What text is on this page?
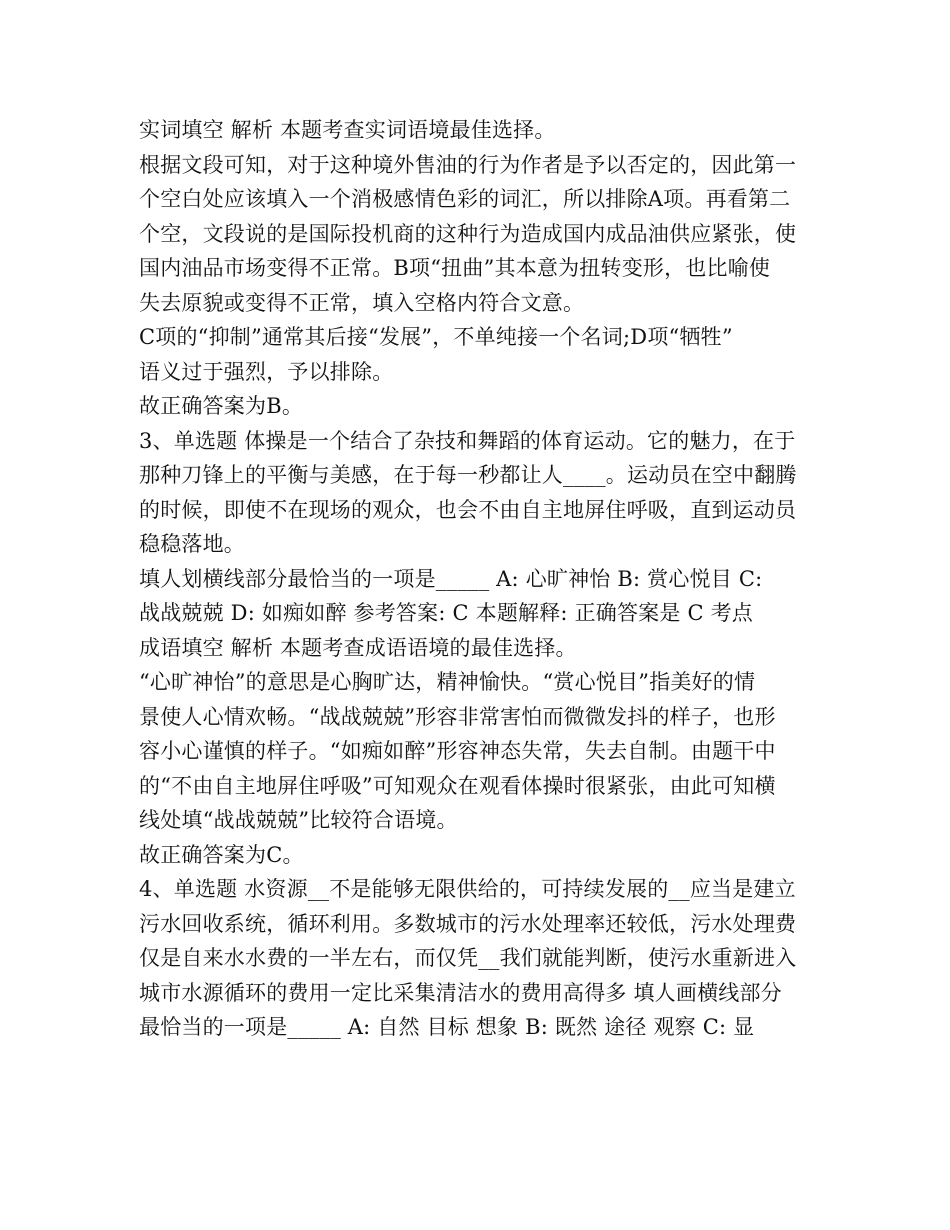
实词填空 解析 本题考查实词语境最佳选择。
根据文段可知，对于这种境外售油的行为作者是予以否定的，因此第一
个空白处应该填入一个消极感情色彩的词汇，所以排除A项。再看第二
个空，文段说的是国际投机商的这种行为造成国内成品油供应紧张，使
国内油品市场变得不正常。B项“扭曲”其本意为扭转变形，也比喻使
失去原貌或变得不正常，填入空格内符合文意。
C项的“抑制”通常其后接“发展”，不单纯接一个名词;D项“牺牲”
语义过于强烈，予以排除。
故正确答案为B。
3、单选题 体操是一个结合了杂技和舞蹈的体育运动。它的魅力，在于
那种刀锋上的平衡与美感，在于每一秒都让人____。运动员在空中翻腾
的时候，即使不在现场的观众，也会不由自主地屏住呼吸，直到运动员
稳稳落地。
填人划横线部分最恰当的一项是_____ A: 心旷神怡 B: 赏心悦目 C:
战战兢兢 D: 如痴如醉 参考答案: C 本题解释: 正确答案是 C 考点
成语填空 解析 本题考查成语语境的最佳选择。
“心旷神怡”的意思是心胸旷达，精神愉快。“赏心悦目”指美好的情
景使人心情欢畅。“战战兢兢”形容非常害怕而微微发抖的样子，也形
容小心谨慎的样子。“如痴如醉”形容神态失常，失去自制。由题干中
的“不由自主地屏住呼吸”可知观众在观看体操时很紧张，由此可知横
线处填“战战兢兢”比较符合语境。
故正确答案为C。
4、单选题 水资源__不是能够无限供给的，可持续发展的__应当是建立
污水回收系统，循环利用。多数城市的污水处理率还较低，污水处理费
仅是自来水水费的一半左右，而仅凭__我们就能判断，使污水重新进入
城市水源循环的费用一定比采集清洁水的费用高得多 填人画横线部分
最恰当的一项是_____ A: 自然 目标 想象 B: 既然 途径 观察 C: 显
